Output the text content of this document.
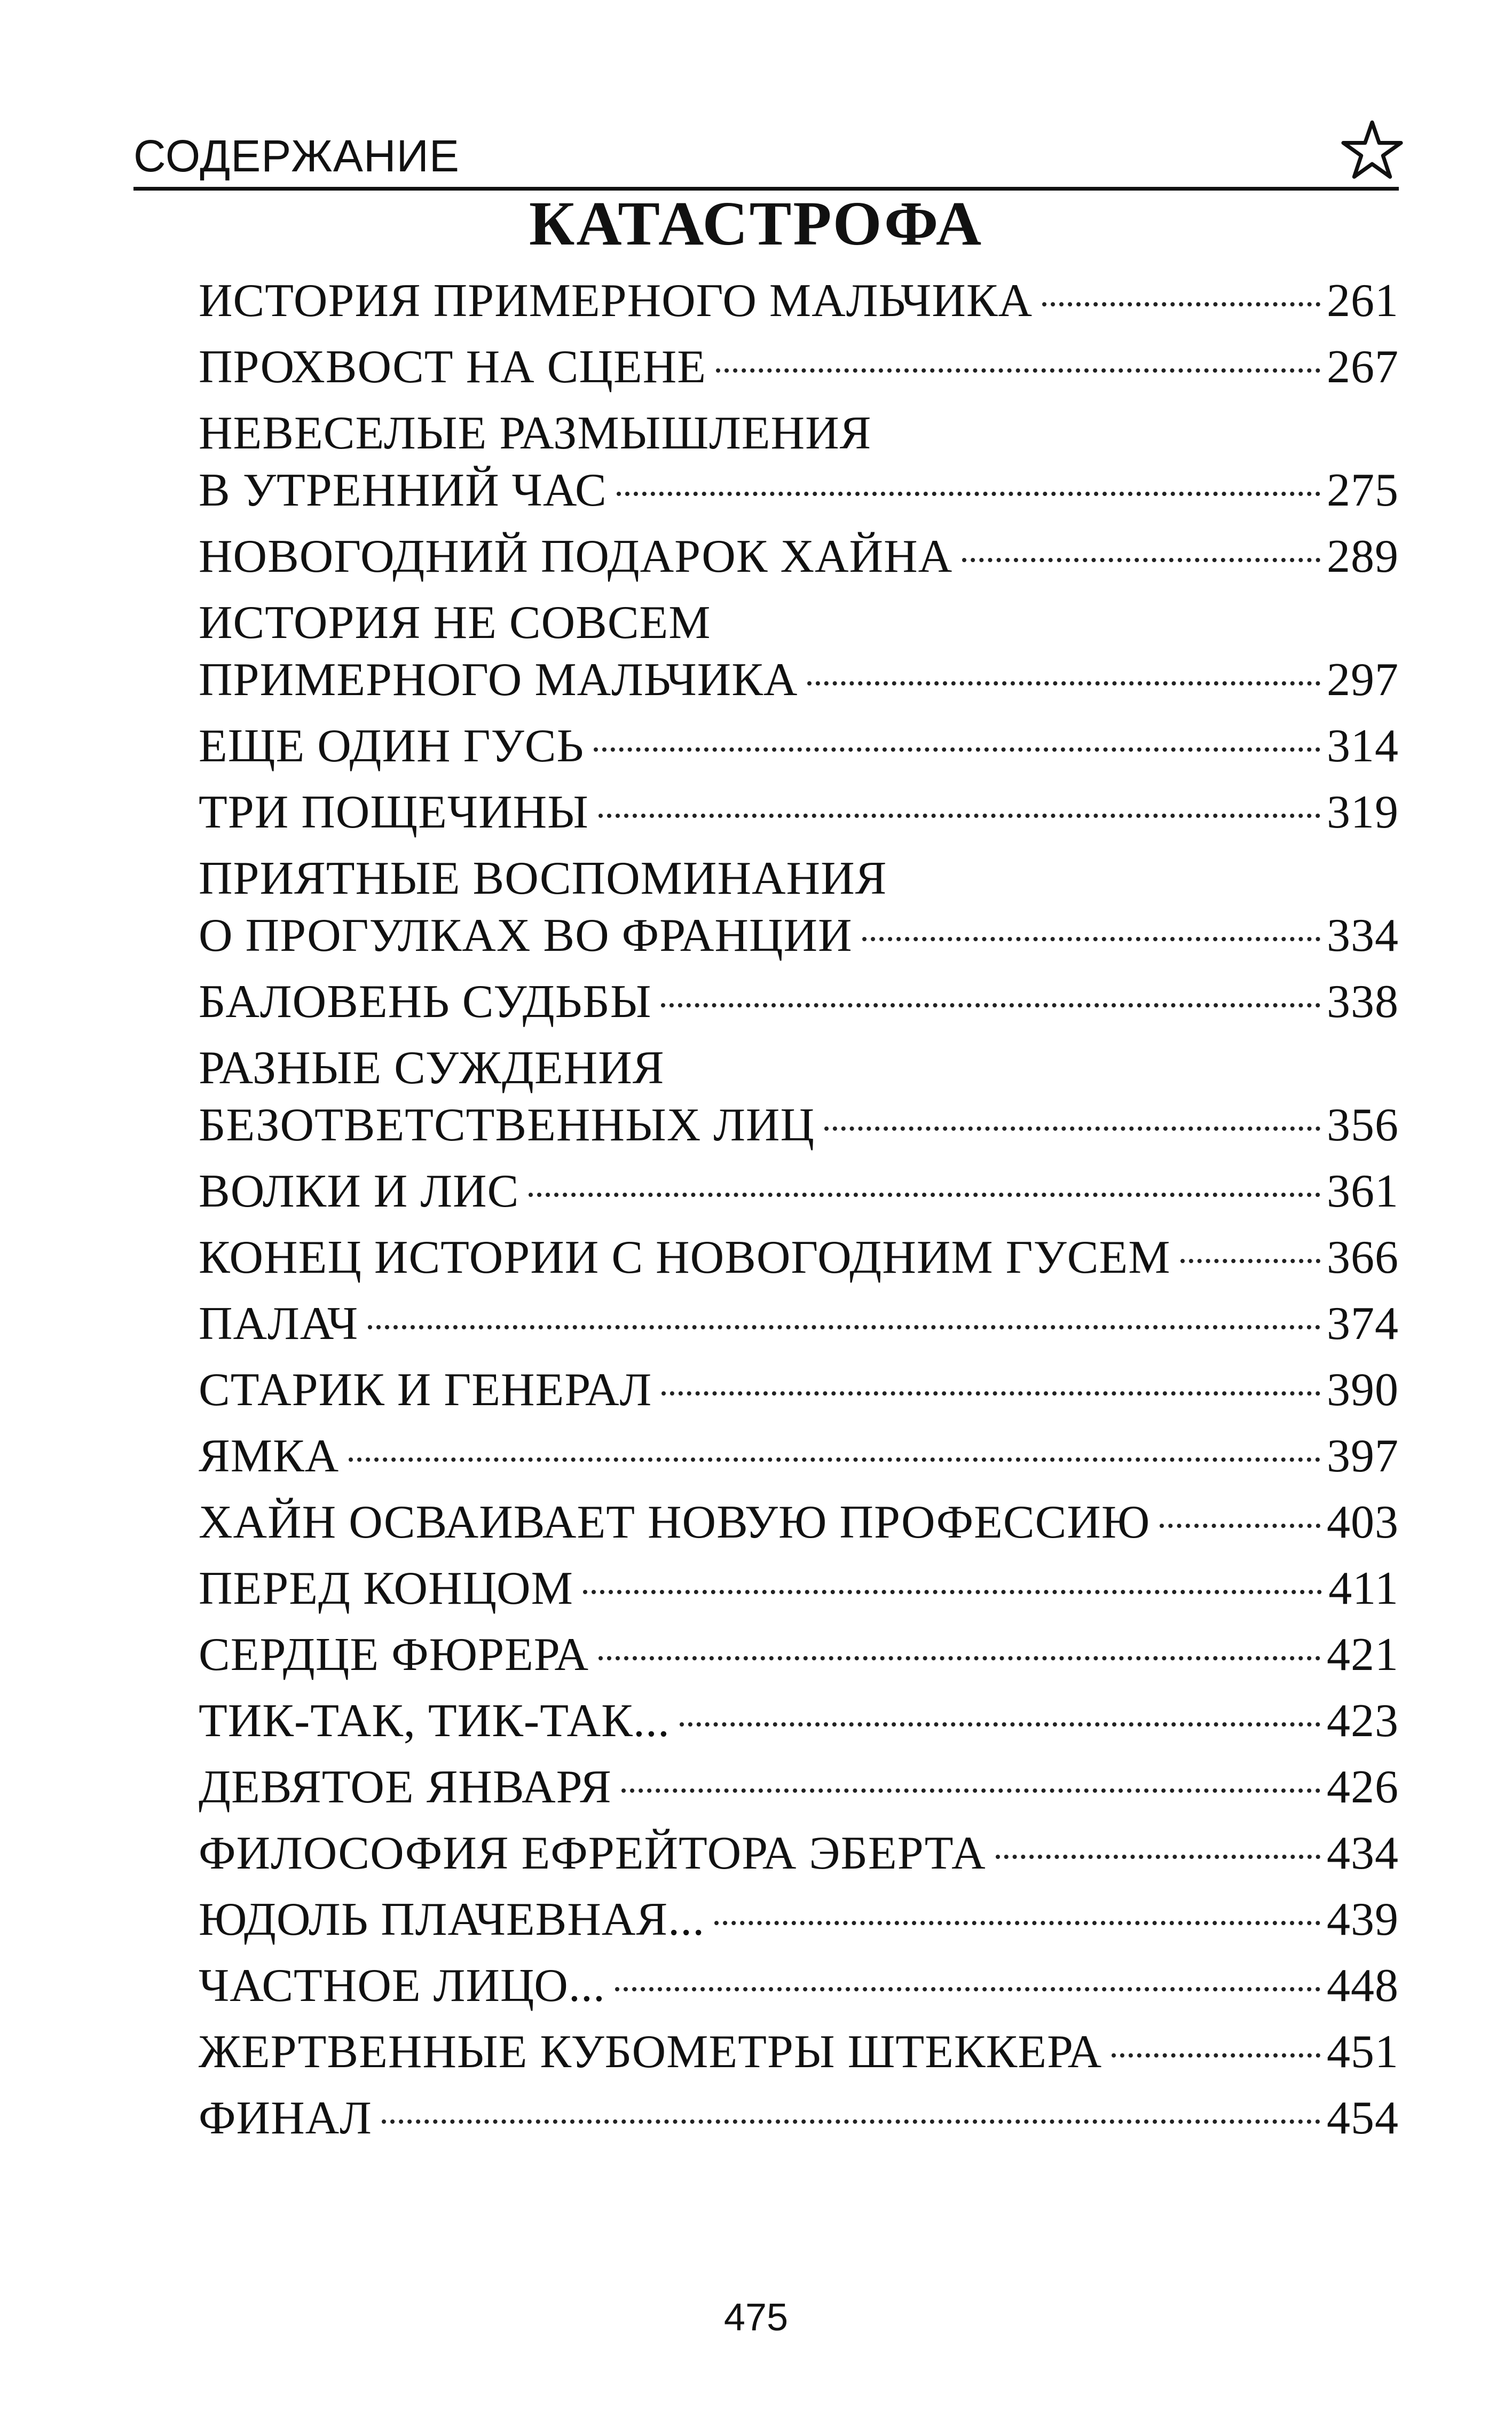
СОДЕРЖАНИЕ
КАТАСТРОФА
ИСТОРИЯ ПРИМЕРНОГО МАЛЬЧИКА	261
ПРОХВОСТ НА СЦЕНЕ	267
НЕВЕСЕЛЫЕ РАЗМЫШЛЕНИЯ
В УТРЕННИЙ ЧАС	275
НОВОГОДНИЙ ПОДАРОК ХАЙНА	289
ИСТОРИЯ НЕ СОВСЕМ
ПРИМЕРНОГО МАЛЬЧИКА	297
ЕЩЕ ОДИН ГУСЬ	314
ТРИ ПОЩЕЧИНЫ	319
ПРИЯТНЫЕ ВОСПОМИНАНИЯ
О ПРОГУЛКАХ ВО ФРАНЦИИ	334
БАЛОВЕНЬ СУДЬБЫ	338
РАЗНЫЕ СУЖДЕНИЯ
БЕЗОТВЕТСТВЕННЫХ ЛИЦ	356
ВОЛКИ И ЛИС	361
КОНЕЦ ИСТОРИИ С НОВОГОДНИМ ГУСЕМ	366
ПАЛАЧ	374
СТАРИК И ГЕНЕРАЛ	390
ЯМКА	397
ХАЙН ОСВАИВАЕТ НОВУЮ ПРОФЕССИЮ	403
ПЕРЕД КОНЦОМ	411
СЕРДЦЕ ФЮРЕРА	421
ТИК-ТАК, ТИК-ТАК...	423
ДЕВЯТОЕ ЯНВАРЯ	426
ФИЛОСОФИЯ ЕФРЕЙТОРА ЭБЕРТА	434
ЮДОЛЬ ПЛАЧЕВНАЯ...	439
ЧАСТНОЕ ЛИЦО...	448
ЖЕРТВЕННЫЕ КУБОМЕТРЫ ШТЕККЕРА	451
ФИНАЛ	454
475
